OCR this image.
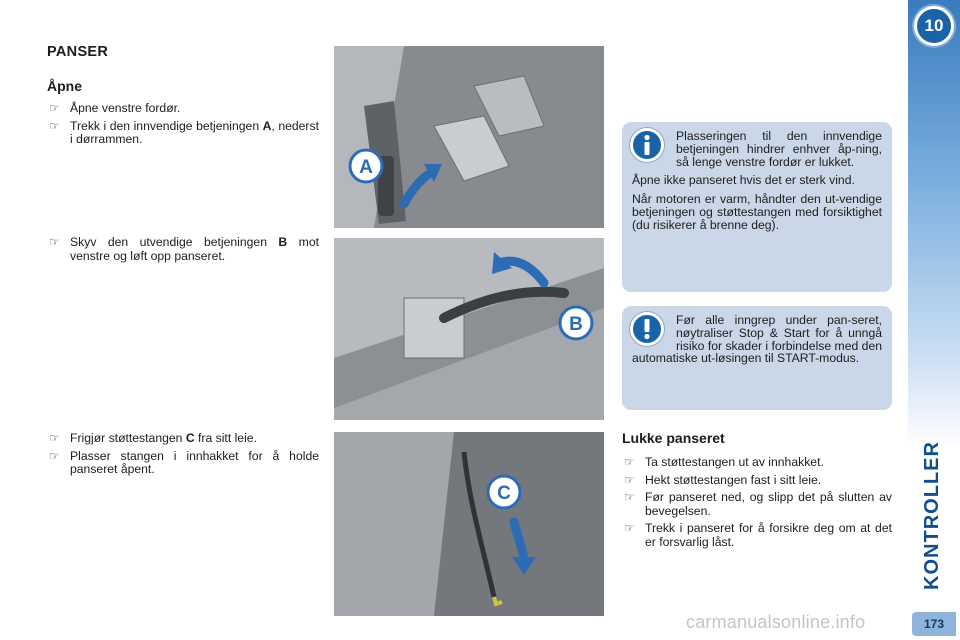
PANSER
Åpne
☞ Åpne venstre fordør.
☞ Trekk i den innvendige betjeningen A, nederst i dørrammen.
☞ Skyv den utvendige betjeningen B mot venstre og løft opp panseret.
☞ Frigjør støttestangen C fra sitt leie.
☞ Plasser stangen i innhakket for å holde panseret åpent.
A
B
C

Plasseringen til den innvendige betjeningen hindrer enhver åp-ning, så lenge venstre fordør er lukket.

Åpne ikke panseret hvis det er sterk vind.

Når motoren er varm, håndter den ut-vendige betjeningen og støttestangen med forsiktighet (du risikerer å brenne deg).

Før alle inngrep under pan-seret, nøytraliser Stop & Start for å unngå risiko for skader i forbindelse med den automatiske ut-løsingen til START-modus.

Lukke panseret
☞ Ta støttestangen ut av innhakket.
☞ Hekt støttestangen fast i sitt leie.
☞ Før panseret ned, og slipp det på slutten av bevegelsen.
☞ Trekk i panseret for å forsikre deg om at det er forsvarlig låst.
10
KONTROLLER
173
carmanualsonline.info
